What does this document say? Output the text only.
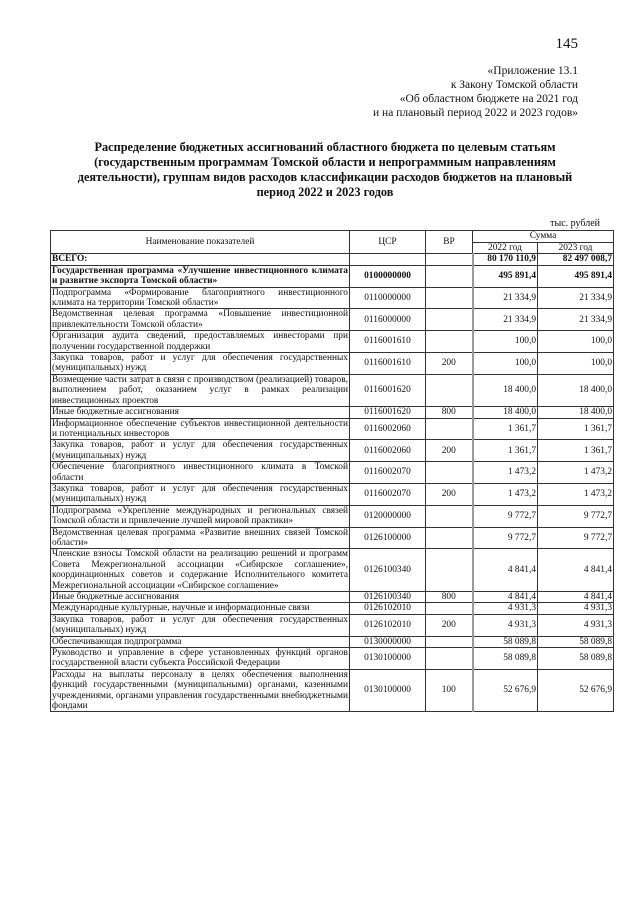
145
«Приложение 13.1
к Закону Томской области
«Об областном бюджете на 2021 год
и на плановый период 2022 и 2023 годов»
Распределение бюджетных ассигнований областного бюджета по целевым статьям (государственным программам Томской области и непрограммным направлениям деятельности), группам видов расходов классификации расходов бюджетов на плановый период 2022 и 2023 годов
тыс. рублей
Наименование показателей	ЦСР	ВР	Сумма	
			2022 год	2023 год
ВСЕГО:			80 170 110,9	82 497 008,7
Государственная программа «Улучшение инвестиционного климата и развитие экспорта Томской области»	0100000000		495 891,4	495 891,4
Подпрограмма «Формирование благоприятного инвестиционного климата на территории Томской области»	0110000000		21 334,9	21 334,9
Ведомственная целевая программа «Повышение инвестиционной привлекательности Томской области»	0116000000		21 334,9	21 334,9
Организация аудита сведений, предоставляемых инвесторами при получении государственной поддержки	0116001610		100,0	100,0
Закупка товаров, работ и услуг для обеспечения государственных (муниципальных) нужд	0116001610	200	100,0	100,0
Возмещение части затрат в связи с производством (реализацией) товаров, выполнением работ, оказанием услуг в рамках реализации инвестиционных проектов	0116001620		18 400,0	18 400,0
Иные бюджетные ассигнования	0116001620	800	18 400,0	18 400,0
Информационное обеспечение субъектов инвестиционной деятельности и потенциальных инвесторов	0116002060		1 361,7	1 361,7
Закупка товаров, работ и услуг для обеспечения государственных (муниципальных) нужд	0116002060	200	1 361,7	1 361,7
Обеспечение благоприятного инвестиционного климата в Томской области	0116002070		1 473,2	1 473,2
Закупка товаров, работ и услуг для обеспечения государственных (муниципальных) нужд	0116002070	200	1 473,2	1 473,2
Подпрограмма «Укрепление международных и региональных связей Томской области и привлечение лучшей мировой практики»	0120000000		9 772,7	9 772,7
Ведомственная целевая программа «Развитие внешних связей Томской области»	0126100000		9 772,7	9 772,7
Членские взносы Томской области на реализацию решений и программ Совета Межрегиональной ассоциации «Сибирское соглашение», координационных советов и содержание Исполнительного комитета Межрегиональной ассоциации «Сибирское соглашение»	0126100340		4 841,4	4 841,4
Иные бюджетные ассигнования	0126100340	800	4 841,4	4 841,4
Международные культурные, научные и информационные связи	0126102010		4 931,3	4 931,3
Закупка товаров, работ и услуг для обеспечения государственных (муниципальных) нужд	0126102010	200	4 931,3	4 931,3
Обеспечивающая подпрограмма	0130000000		58 089,8	58 089,8
Руководство и управление в сфере установленных функций органов государственной власти субъекта Российской Федерации	0130100000		58 089,8	58 089,8
Расходы на выплаты персоналу в целях обеспечения выполнения функций государственными (муниципальными) органами, казенными учреждениями, органами управления государственными внебюджетными фондами	0130100000	100	52 676,9	52 676,9
